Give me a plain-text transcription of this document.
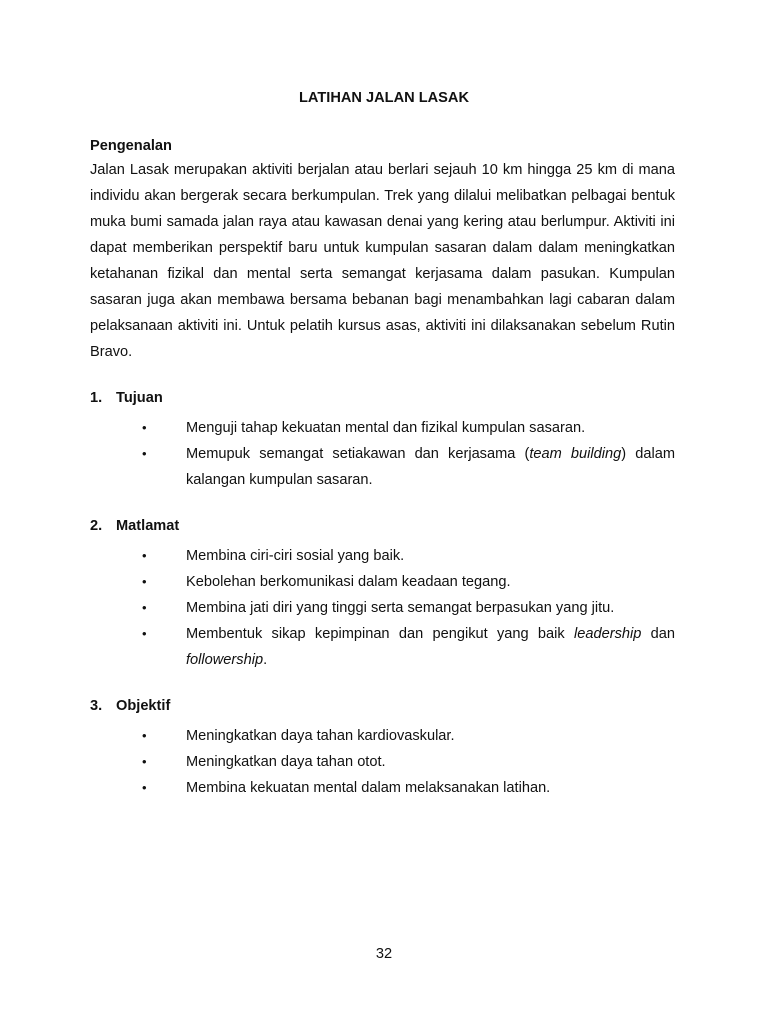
LATIHAN JALAN LASAK
Pengenalan
Jalan Lasak merupakan aktiviti berjalan atau berlari sejauh 10 km hingga 25 km di mana individu akan bergerak secara berkumpulan. Trek yang dilalui melibatkan pelbagai bentuk muka bumi samada jalan raya atau kawasan denai yang kering atau berlumpur. Aktiviti ini dapat memberikan perspektif baru untuk kumpulan sasaran dalam dalam meningkatkan ketahanan fizikal dan mental serta semangat kerjasama dalam pasukan. Kumpulan sasaran juga akan membawa bersama bebanan bagi menambahkan lagi cabaran dalam pelaksanaan aktiviti ini. Untuk pelatih kursus asas, aktiviti ini dilaksanakan sebelum Rutin Bravo.
1. Tujuan
•	Menguji tahap kekuatan mental dan fizikal kumpulan sasaran.
•	Memupuk semangat setiakawan dan kerjasama (team building) dalam kalangan kumpulan sasaran.
2. Matlamat
•	Membina ciri-ciri sosial yang baik.
•	Kebolehan berkomunikasi dalam keadaan tegang.
•	Membina jati diri yang tinggi serta semangat berpasukan yang jitu.
•	Membentuk sikap kepimpinan dan pengikut yang baik leadership dan followership.
3. Objektif
•	Meningkatkan daya tahan kardiovaskular.
•	Meningkatkan daya tahan otot.
•	Membina kekuatan mental dalam melaksanakan latihan.
32
